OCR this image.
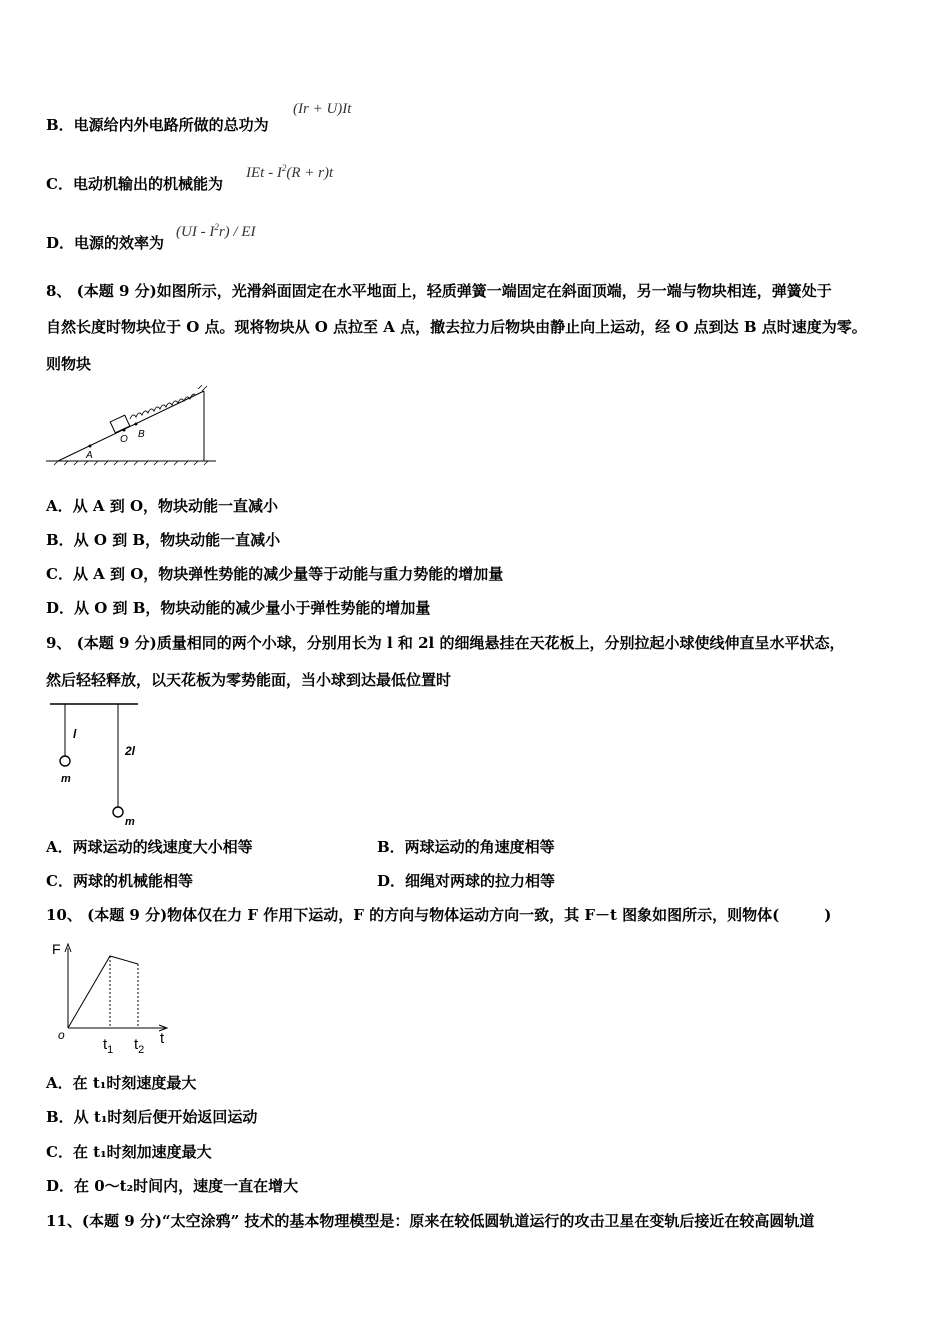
B．电源给内外电路所做的总功为
(Ir + U)It
C．电动机输出的机械能为
IEt - $I^2(R + r)t$
D．电源的效率为
$(UI - I^2r)$ / EI
8、 (本题 9 分)如图所示，光滑斜面固定在水平地面上，轻质弹簧一端固定在斜面顶端，另一端与物块相连，弹簧处于
自然长度时物块位于 O 点。现将物块从 O 点拉至 A 点，撤去拉力后物块由静止向上运动，经 O 点到达 B 点时速度为零。
则物块
A
O B
A．从 A 到 O，物块动能一直减小
B．从 O 到 B，物块动能一直减小
C．从 A 到 O，物块弹性势能的减少量等于动能与重力势能的增加量
D．从 O 到 B，物块动能的减少量小于弹性势能的增加量
9、 (本题 9 分)质量相同的两个小球，分别用长为 l 和 2l 的细绳悬挂在天花板上，分别拉起小球使线伸直呈水平状态，
然后轻轻释放，以天花板为零势能面，当小球到达最低位置时
l
2l
m
m
A．两球运动的线速度大小相等	B．两球运动的角速度相等
C．两球的机械能相等	D．细绳对两球的拉力相等
10、 (本题 9 分)物体仅在力 F 作用下运动，F 的方向与物体运动方向一致，其 F－t 图象如图所示，则物体(　　　)
F
o	t
$t_1$ $t_2$
A．在 t₁时刻速度最大
B．从 t₁时刻后便开始返回运动
C．在 t₁时刻加速度最大
D．在 0～t₂时间内，速度一直在增大
11、(本题 9 分)“太空涂鸦” 技术的基本物理模型是：原来在较低圆轨道运行的攻击卫星在变轨后接近在较高圆轨道
